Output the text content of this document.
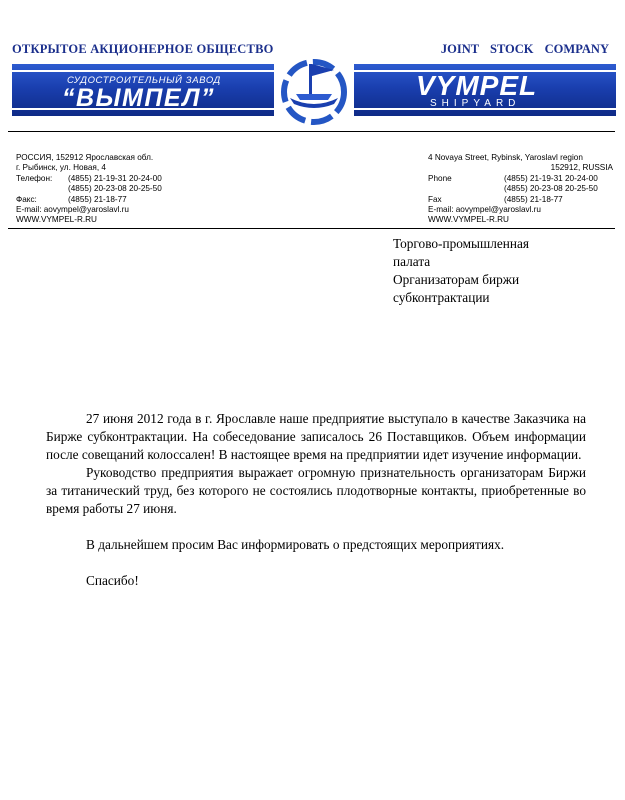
ОТКРЫТОЕ АКЦИОНЕРНОЕ ОБЩЕСТВО	JOINT STOCK COMPANY
СУДОСТРОИТЕЛЬНЫЙ ЗАВОД
“ВЫМПЕЛ”	VYMPEL
SHIPYARD
РОССИЯ, 152912 Ярославская обл.
г. Рыбинск, ул. Новая, 4
Телефон: (4855) 21-19-31 20-24-00
(4855) 20-23-08 20-25-50
Факс:	(4855) 21-18-77
E-mail: aovympel@yaroslavl.ru
WWW.VYMPEL-R.RU
4 Novaya Street, Rybinsk, Yaroslavl region
152912, RUSSIA
Phone	(4855) 21-19-31 20-24-00
(4855) 20-23-08 20-25-50
Fax	(4855) 21-18-77
E-mail: aovympel@yaroslavl.ru
WWW.VYMPEL-R.RU
Торгово-промышленная
палата
Организаторам биржи
субконтрактации

27 июня 2012 года в г. Ярославле наше предприятие выступало в качестве Заказчика на Бирже субконтрактации. На собеседование записалось 26 Поставщиков. Объем информации после совещаний колоссален! В настоящее время на предприятии идет изучение информации.

Руководство предприятия выражает огромную признательность организаторам Биржи за титанический труд, без которого не состоялись плодотворные контакты, приобретенные во время работы 27 июня.

В дальнейшем просим Вас информировать о предстоящих мероприятиях.

Спасибо!
